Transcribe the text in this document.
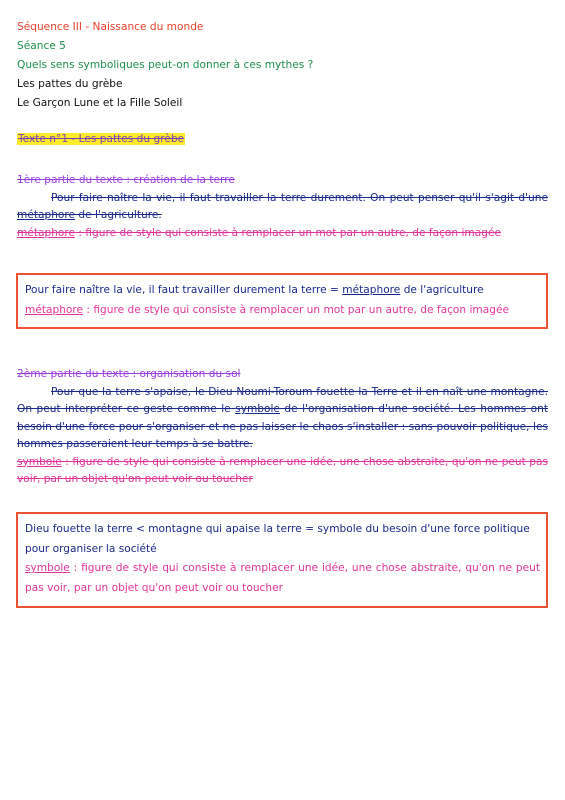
Séquence III - Naissance du monde
Séance 5
Quels sens symboliques peut-on donner à ces mythes ?
Les pattes du grèbe
Le Garçon Lune et la Fille Soleil
Texte n°1 - Les pattes du grèbe
1ère partie du texte : création de la terre
Pour faire naître la vie, il faut travailler la terre durement. On peut penser qu'il s'agit d'une métaphore de l'agriculture.
métaphore : figure de style qui consiste à remplacer un mot par un autre, de façon imagée
Pour faire naître la vie, il faut travailler durement la terre = métaphore de l'agriculture
métaphore : figure de style qui consiste à remplacer un mot par un autre, de façon imagée
2ème partie du texte : organisation du sol
Pour que la terre s'apaise, le Dieu Noumi-Toroum fouette la Terre et il en naît une montagne. On peut interpréter ce geste comme le symbole de l'organisation d'une société. Les hommes ont besoin d'une force pour s'organiser et ne pas laisser le chaos s'installer : sans pouvoir politique, les hommes passeraient leur temps à se battre.
symbole : figure de style qui consiste à remplacer une idée, une chose abstraite, qu'on ne peut pas voir, par un objet qu'on peut voir ou toucher
Dieu fouette la terre < montagne qui apaise la terre = symbole du besoin d'une force politique pour organiser la société
symbole : figure de style qui consiste à remplacer une idée, une chose abstraite, qu'on ne peut pas voir, par un objet qu'on peut voir ou toucher
